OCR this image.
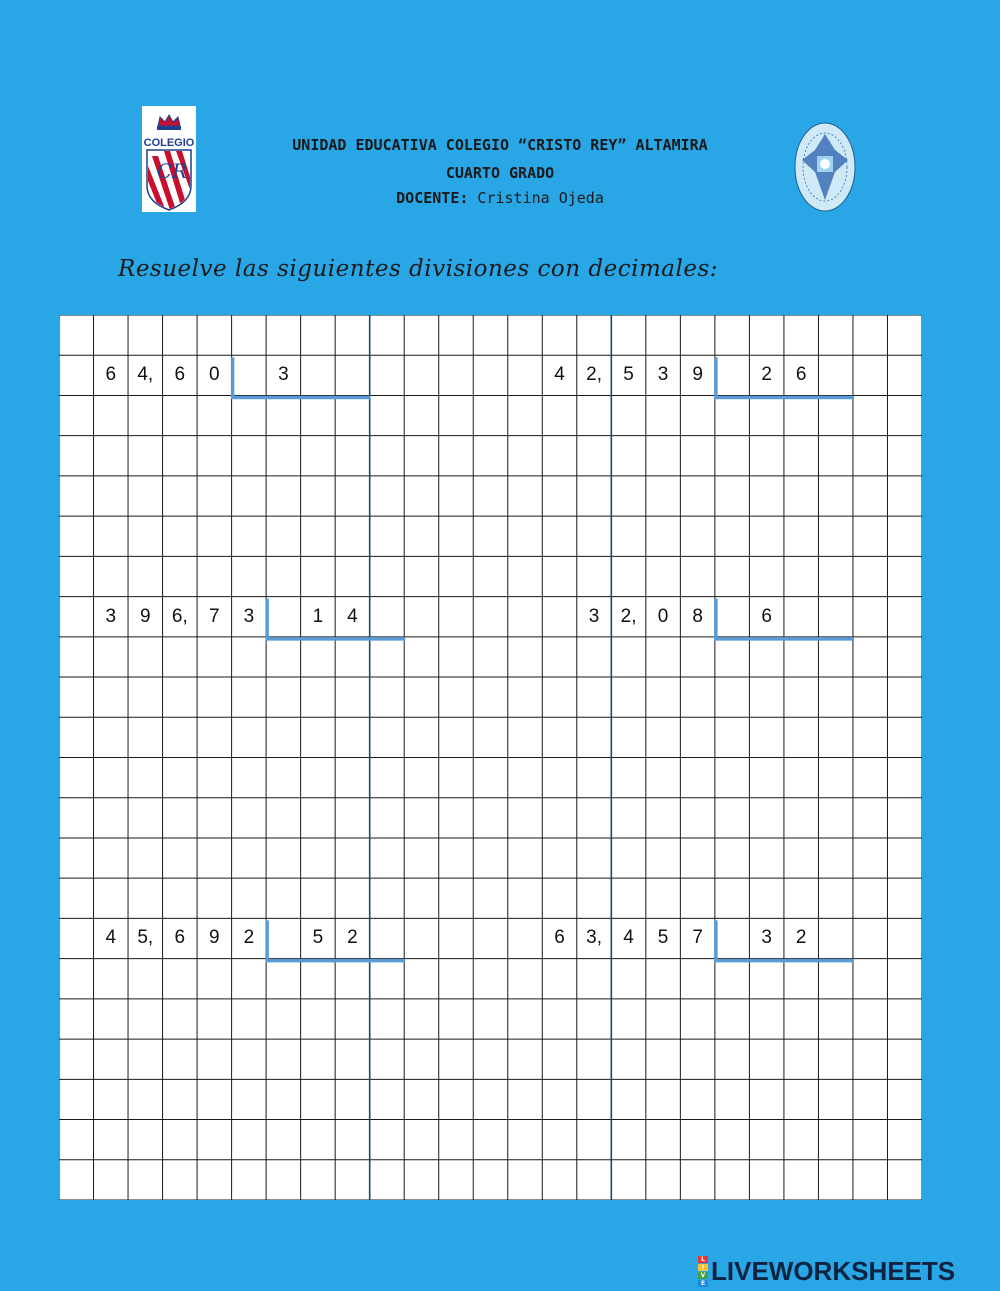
COLEGIO
CR
UNIDAD EDUCATIVA COLEGIO “CRISTO REY” ALTAMIRA
CUARTO GRADO
DOCENTE: Cristina Ojeda
Resuelve las siguientes divisiones con decimales:
6	4,	6	0	3	4	2,	5	3	9	2	6
3	9	6,	7	3	1	4	3	2,	0	8	6
4	5,	6	9	2	5	2	6	3,	4	5	7	3	2
L
I
V
E LIVEWORKSHEETS
